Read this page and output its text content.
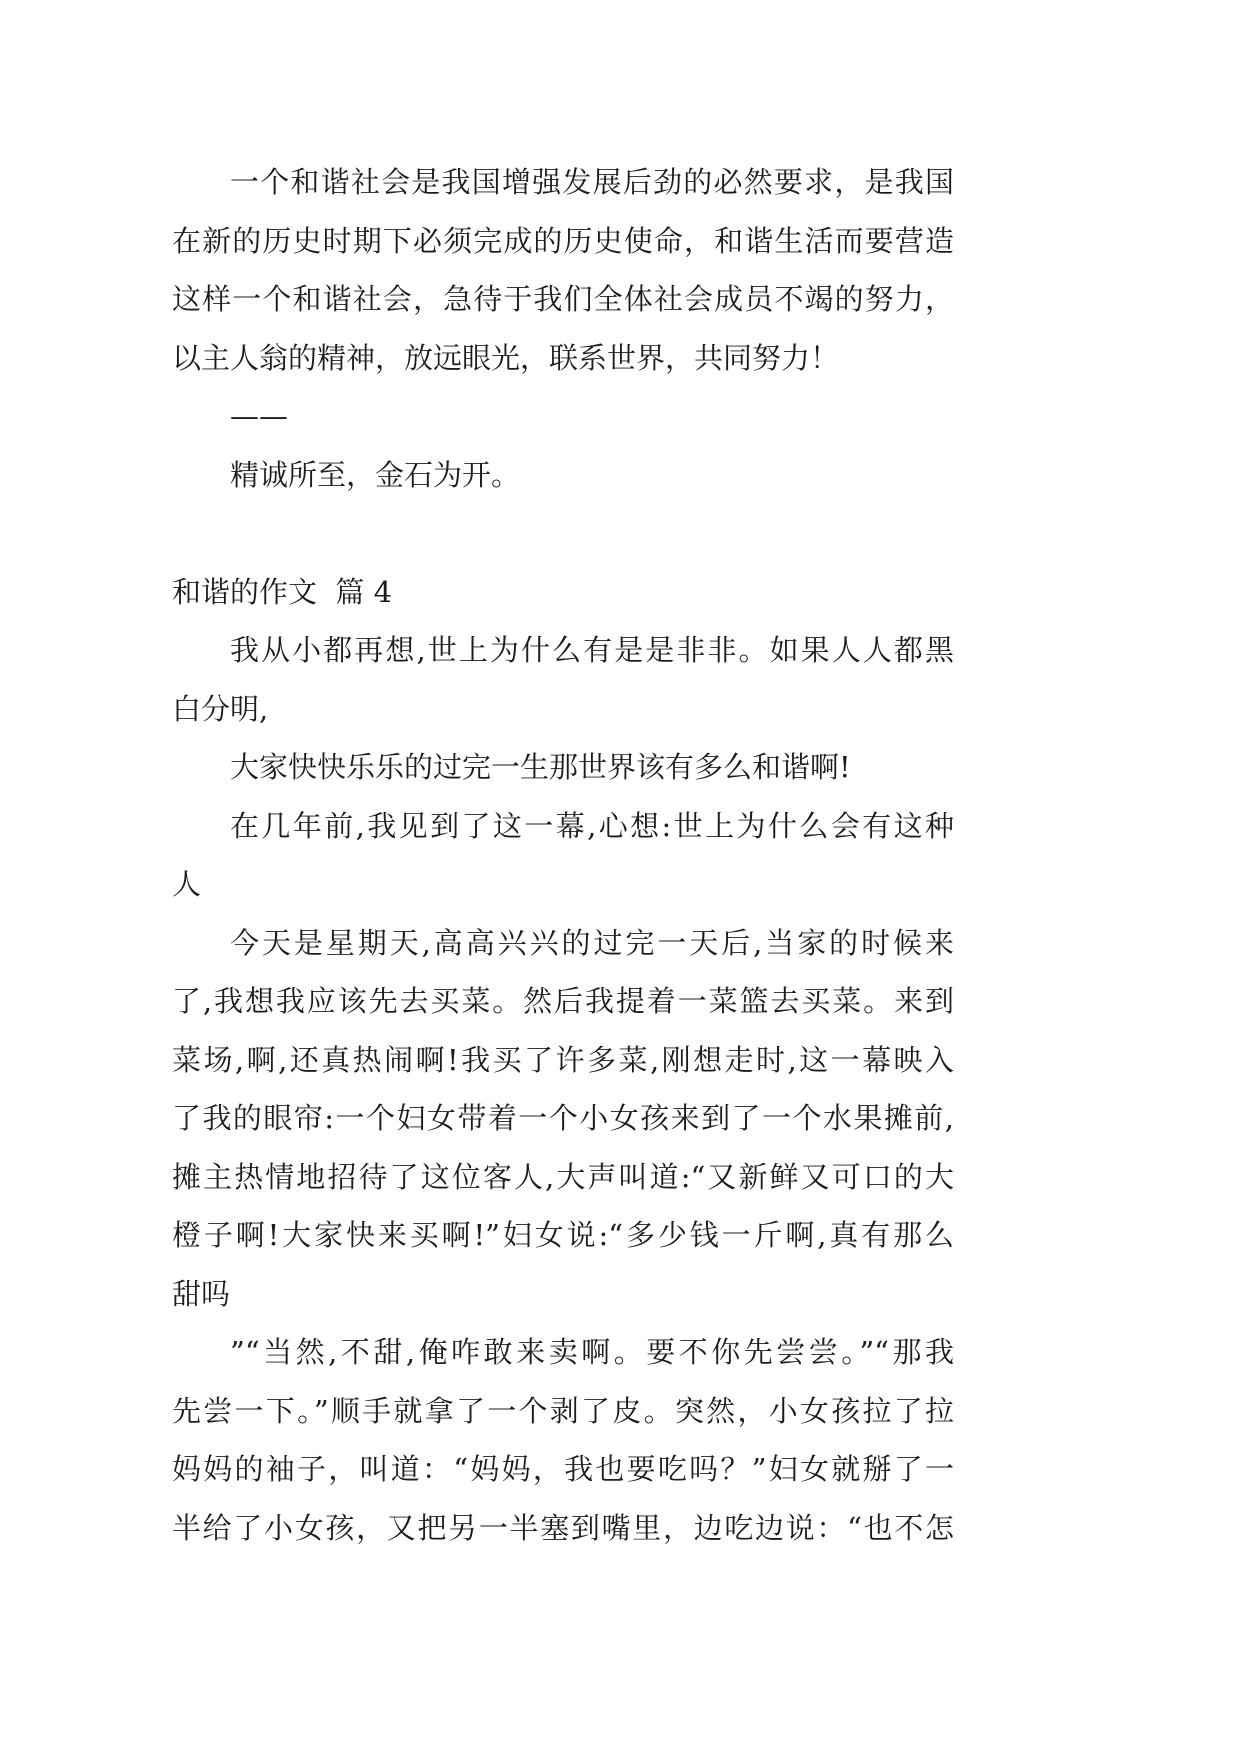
一个和谐社会是我国增强发展后劲的必然要求，是我国
在新的历史时期下必须完成的历史使命，和谐生活而要营造
这样一个和谐社会，急待于我们全体社会成员不竭的努力，
以主人翁的精神，放远眼光，联系世界，共同努力！
——
精诚所至，金石为开。
和谐的作文  篇 4
我从小都再想,世上为什么有是是非非。如果人人都黑
白分明,
大家快快乐乐的过完一生那世界该有多么和谐啊!
在几年前,我见到了这一幕,心想:世上为什么会有这种
人
今天是星期天,高高兴兴的过完一天后,当家的时候来
了,我想我应该先去买菜。然后我提着一菜篮去买菜。来到
菜场,啊,还真热闹啊!我买了许多菜,刚想走时,这一幕映入
了我的眼帘:一个妇女带着一个小女孩来到了一个水果摊前,
摊主热情地招待了这位客人,大声叫道:“又新鲜又可口的大
橙子啊!大家快来买啊!”妇女说:“多少钱一斤啊,真有那么
甜吗
”“当然,不甜,俺咋敢来卖啊。要不你先尝尝。”“那我
先尝一下。”顺手就拿了一个剥了皮。突然，小女孩拉了拉
妈妈的袖子，叫道：“妈妈，我也要吃吗？”妇女就掰了一
半给了小女孩，又把另一半塞到嘴里，边吃边说：“也不怎
